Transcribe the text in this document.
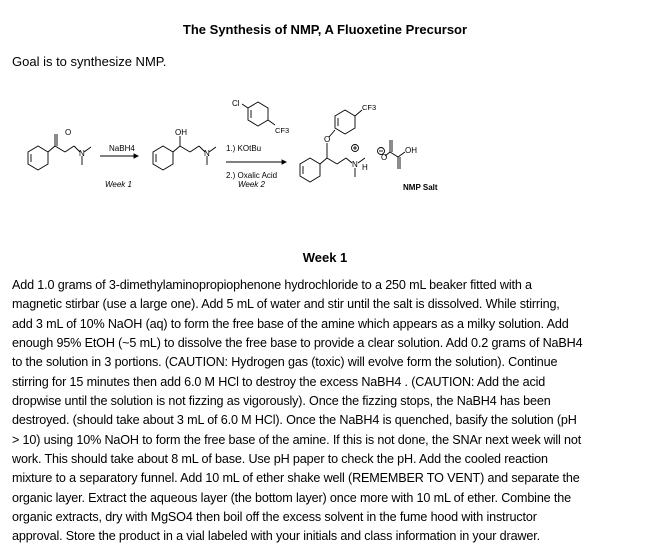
The Synthesis of NMP, A Fluoxetine Precursor
Goal is to synthesize NMP.
O
N
NaBH4
Week 1
OH
N
Cl
CF3
1.) KOtBu
2.) Oxalic Acid
Week 2
O
CF3
N H
O
OH
NMP Salt
Week 1
Add 1.0 grams of 3-dimethylaminopropiophenone hydrochloride to a 250 mL beaker fitted with a
magnetic stirbar (use a large one). Add 5 mL of water and stir until the salt is dissolved. While stirring,
add 3 mL of 10% NaOH (aq) to form the free base of the amine which appears as a milky solution. Add
enough 95% EtOH (~5 mL) to dissolve the free base to provide a clear solution. Add 0.2 grams of NaBH4
to the solution in 3 portions. (CAUTION: Hydrogen gas (toxic) will evolve form the solution). Continue
stirring for 15 minutes then add 6.0 M HCl to destroy the excess NaBH4 . (CAUTION: Add the acid
dropwise until the solution is not fizzing as vigorously). Once the fizzing stops, the NaBH4 has been
destroyed. (should take about 3 mL of 6.0 M HCl). Once the NaBH4 is quenched, basify the solution (pH
> 10) using 10% NaOH to form the free base of the amine. If this is not done, the SNAr next week will not
work. This should take about 8 mL of base. Use pH paper to check the pH. Add the cooled reaction
mixture to a separatory funnel. Add 10 mL of ether shake well (REMEMBER TO VENT) and separate the
organic layer. Extract the aqueous layer (the bottom layer) once more with 10 mL of ether. Combine the
organic extracts, dry with MgSO4 then boil off the excess solvent in the fume hood with instructor
approval. Store the product in a vial labeled with your initials and class information in your drawer.
